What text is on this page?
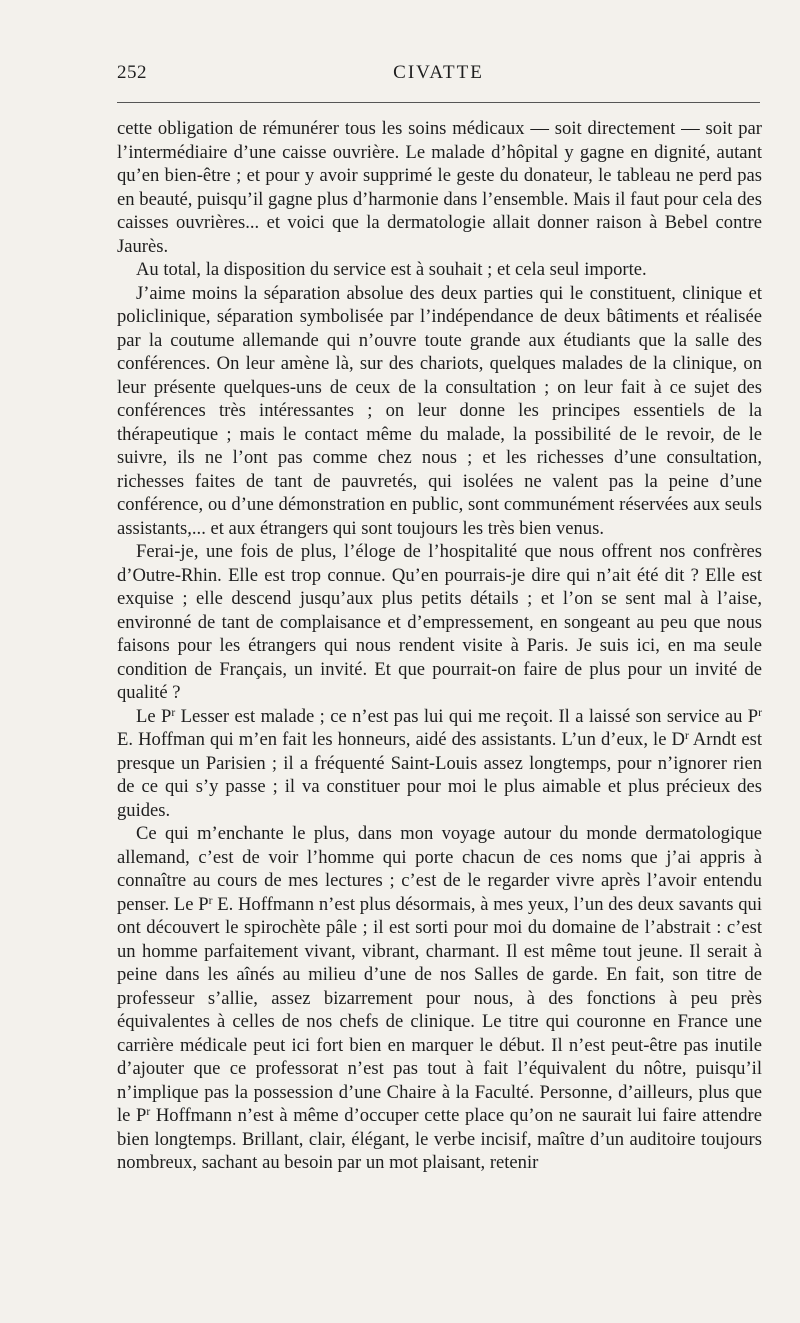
252	CIVATTE

cette obligation de rémunérer tous les soins médicaux — soit directement — soit par l’intermédiaire d’une caisse ouvrière. Le malade d’hôpital y gagne en dignité, autant qu’en bien-être ; et pour y avoir supprimé le geste du donateur, le tableau ne perd pas en beauté, puisqu’il gagne plus d’harmonie dans l’ensemble. Mais il faut pour cela des caisses ouvrières... et voici que la dermatologie allait donner raison à Bebel contre Jaurès.

Au total, la disposition du service est à souhait ; et cela seul importe.

J’aime moins la séparation absolue des deux parties qui le constituent, clinique et policlinique, séparation symbolisée par l’indépendance de deux bâtiments et réalisée par la coutume allemande qui n’ouvre toute grande aux étudiants que la salle des conférences. On leur amène là, sur des chariots, quelques malades de la clinique, on leur présente quelques-uns de ceux de la consultation ; on leur fait à ce sujet des conférences très intéressantes ; on leur donne les principes essentiels de la thérapeutique ; mais le contact même du malade, la possibilité de le revoir, de le suivre, ils ne l’ont pas comme chez nous ; et les richesses d’une consultation, richesses faites de tant de pauvretés, qui isolées ne valent pas la peine d’une conférence, ou d’une démonstration en public, sont communément réservées aux seuls assistants,... et aux étrangers qui sont toujours les très bien venus.

Ferai-je, une fois de plus, l’éloge de l’hospitalité que nous offrent nos confrères d’Outre-Rhin. Elle est trop connue. Qu’en pourrais-je dire qui n’ait été dit ? Elle est exquise ; elle descend jusqu’aux plus petits détails ; et l’on se sent mal à l’aise, environné de tant de complaisance et d’empressement, en songeant au peu que nous faisons pour les étrangers qui nous rendent visite à Paris. Je suis ici, en ma seule condition de Français, un invité. Et que pourrait-on faire de plus pour un invité de qualité ?

Le $P^r$ Lesser est malade ; ce n’est pas lui qui me reçoit. Il a laissé son service au $P^r$ E. Hoffman qui m’en fait les honneurs, aidé des assistants. L’un d’eux, le $D^r$ Arndt est presque un Parisien ; il a fréquenté Saint-Louis assez longtemps, pour n’ignorer rien de ce qui s’y passe ; il va constituer pour moi le plus aimable et plus précieux des guides.

Ce qui m’enchante le plus, dans mon voyage autour du monde dermatologique allemand, c’est de voir l’homme qui porte chacun de ces noms que j’ai appris à connaître au cours de mes lectures ; c’est de le regarder vivre après l’avoir entendu penser. Le $P^r$ E. Hoffmann n’est plus désormais, à mes yeux, l’un des deux savants qui ont découvert le spirochète pâle ; il est sorti pour moi du domaine de l’abstrait : c’est un homme parfaitement vivant, vibrant, charmant. Il est même tout jeune. Il serait à peine dans les aînés au milieu d’une de nos Salles de garde. En fait, son titre de professeur s’allie, assez bizarrement pour nous, à des fonctions à peu près équivalentes à celles de nos chefs de clinique. Le titre qui couronne en France une carrière médicale peut ici fort bien en marquer le début. Il n’est peut-être pas inutile d’ajouter que ce professorat n’est pas tout à fait l’équivalent du nôtre, puisqu’il n’implique pas la possession d’une Chaire à la Faculté. Personne, d’ailleurs, plus que le $P^r$ Hoffmann n’est à même d’occuper cette place qu’on ne saurait lui faire attendre bien longtemps. Brillant, clair, élégant, le verbe incisif, maître d’un auditoire toujours nombreux, sachant au besoin par un mot plaisant, retenir
